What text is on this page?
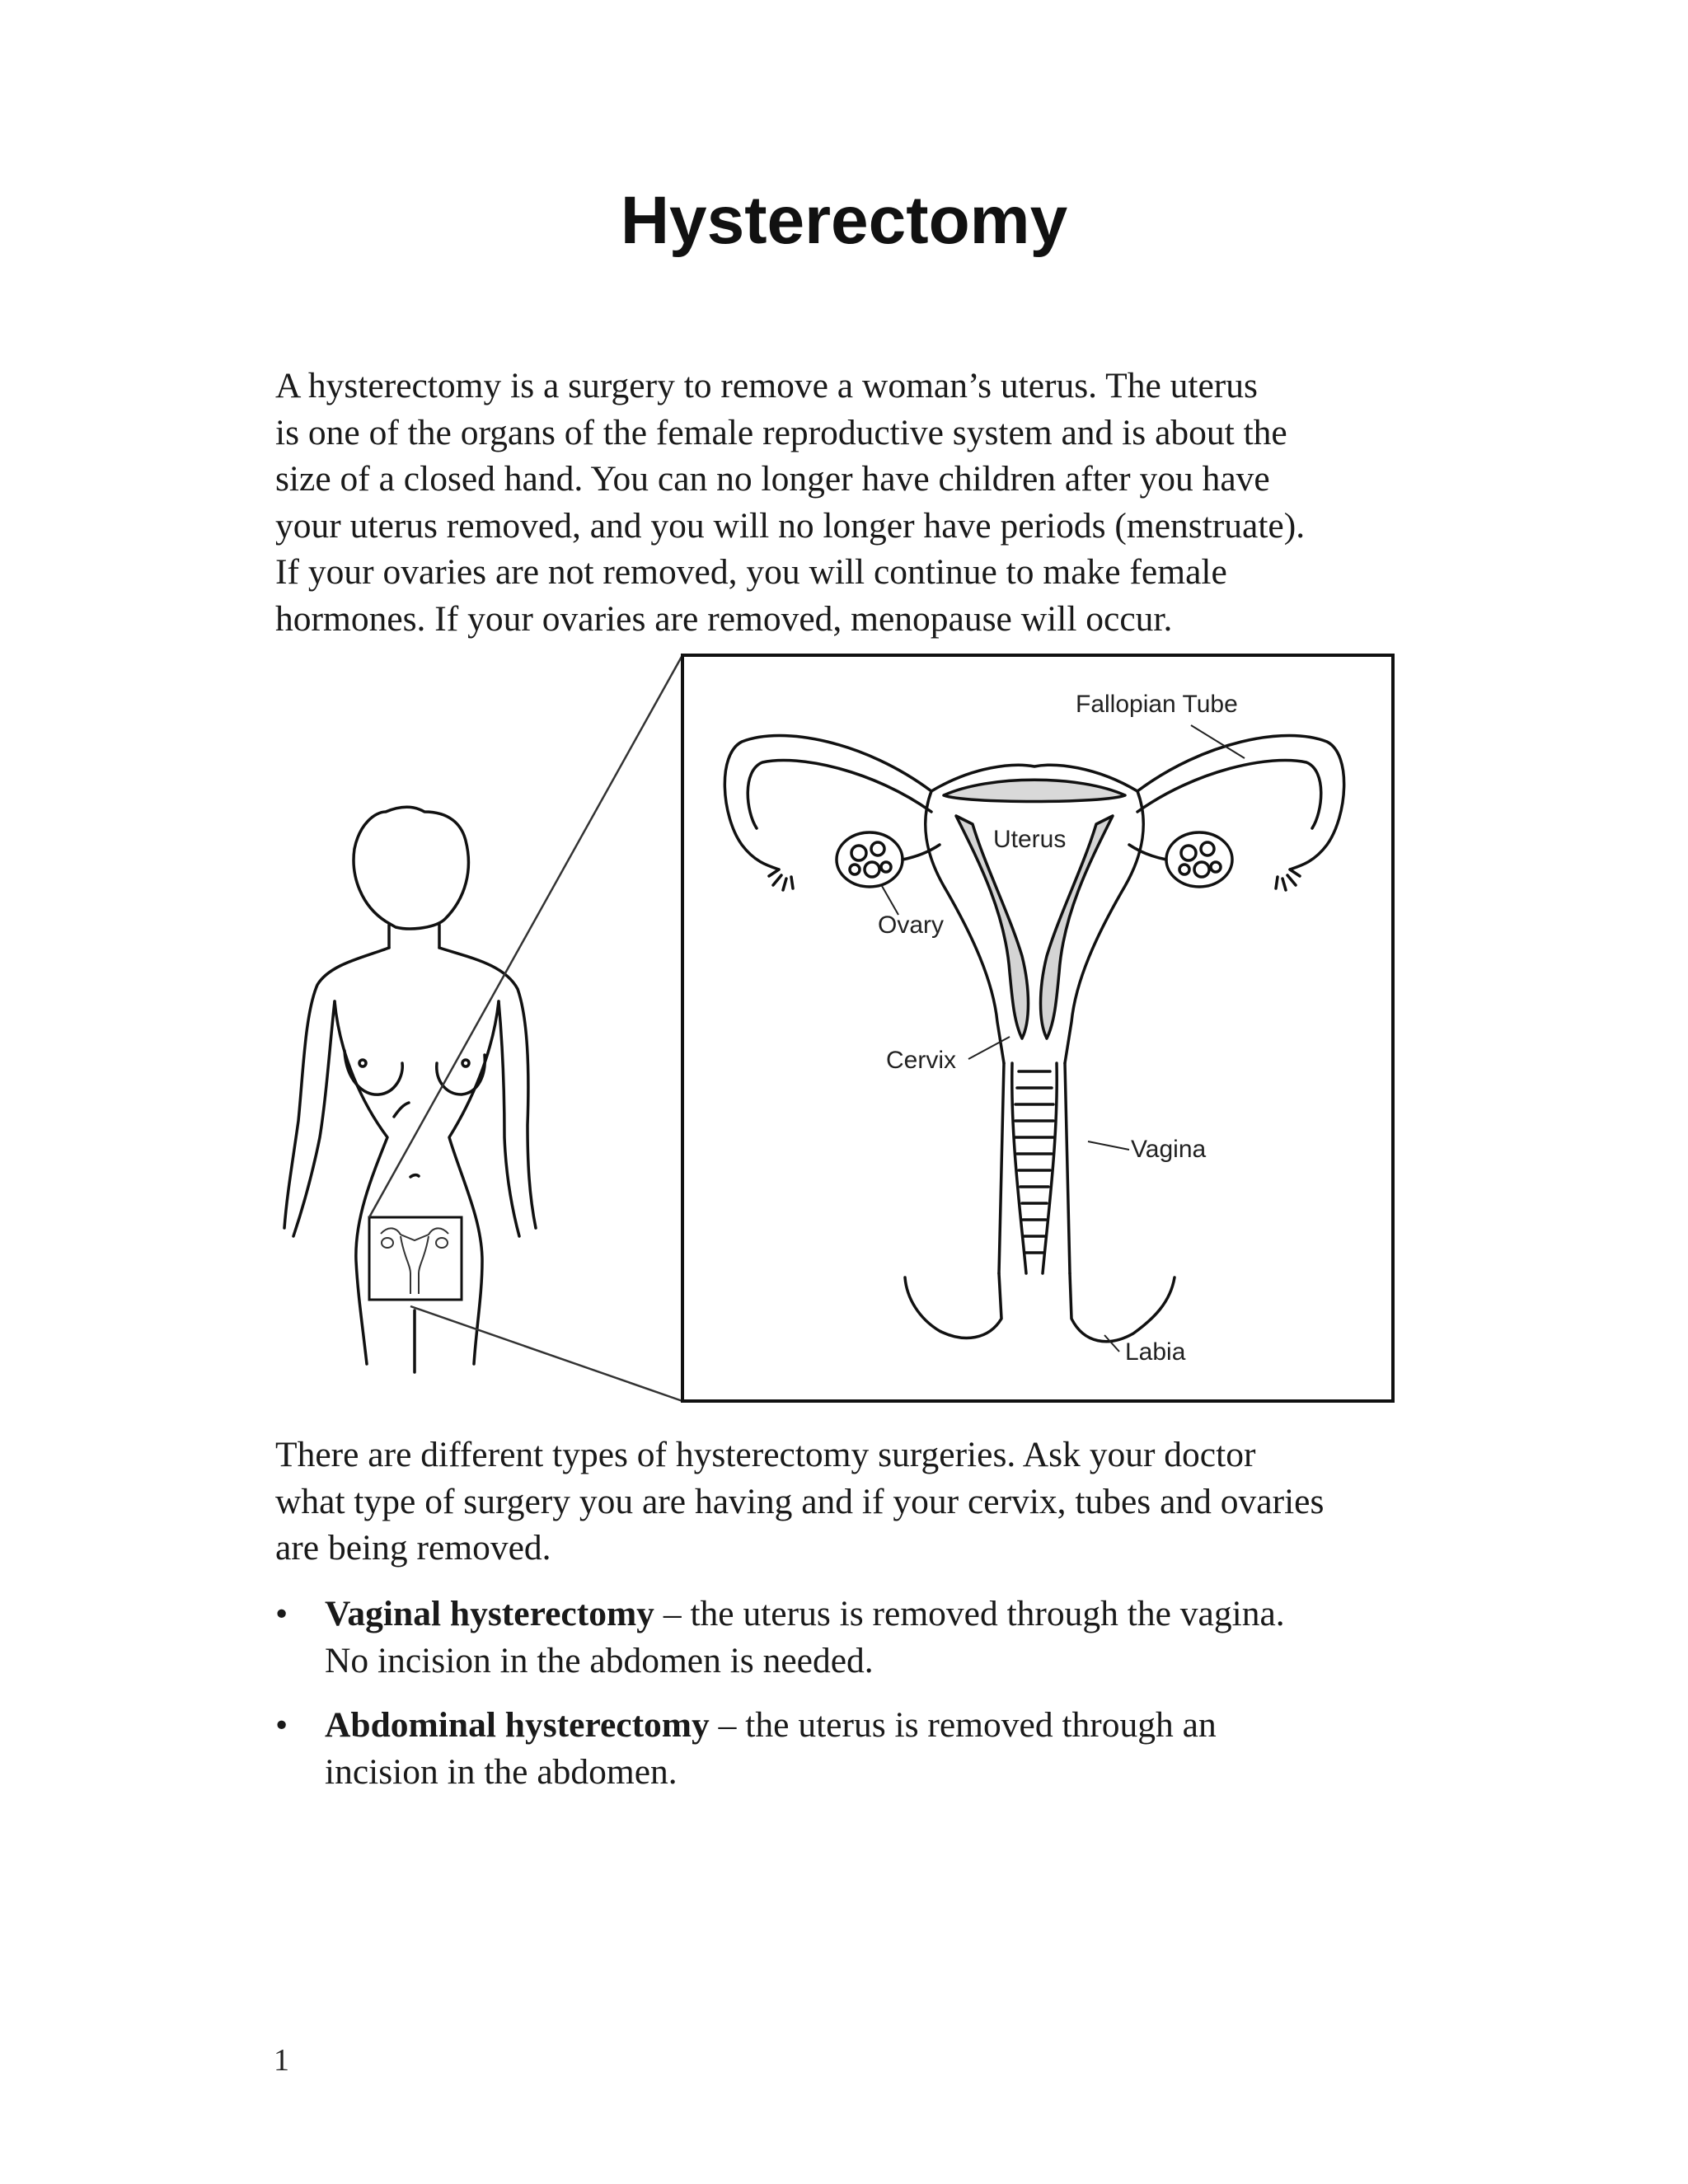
Hysterectomy

A hysterectomy is a surgery to remove a woman’s uterus. The uterus
is one of the organs of the female reproductive system and is about the
size of a closed hand. You can no longer have children after you have
your uterus removed, and you will no longer have periods (menstruate).
If your ovaries are not removed, you will continue to make female
hormones. If your ovaries are removed, menopause will occur.

Fallopian Tube
Uterus
Ovary
Cervix
Vagina
Labia

There are different types of hysterectomy surgeries. Ask your doctor
what type of surgery you are having and if your cervix, tubes and ovaries
are being removed.

• Vaginal hysterectomy – the uterus is removed through the vagina.
No incision in the abdomen is needed.
• Abdominal hysterectomy – the uterus is removed through an
incision in the abdomen.
1
